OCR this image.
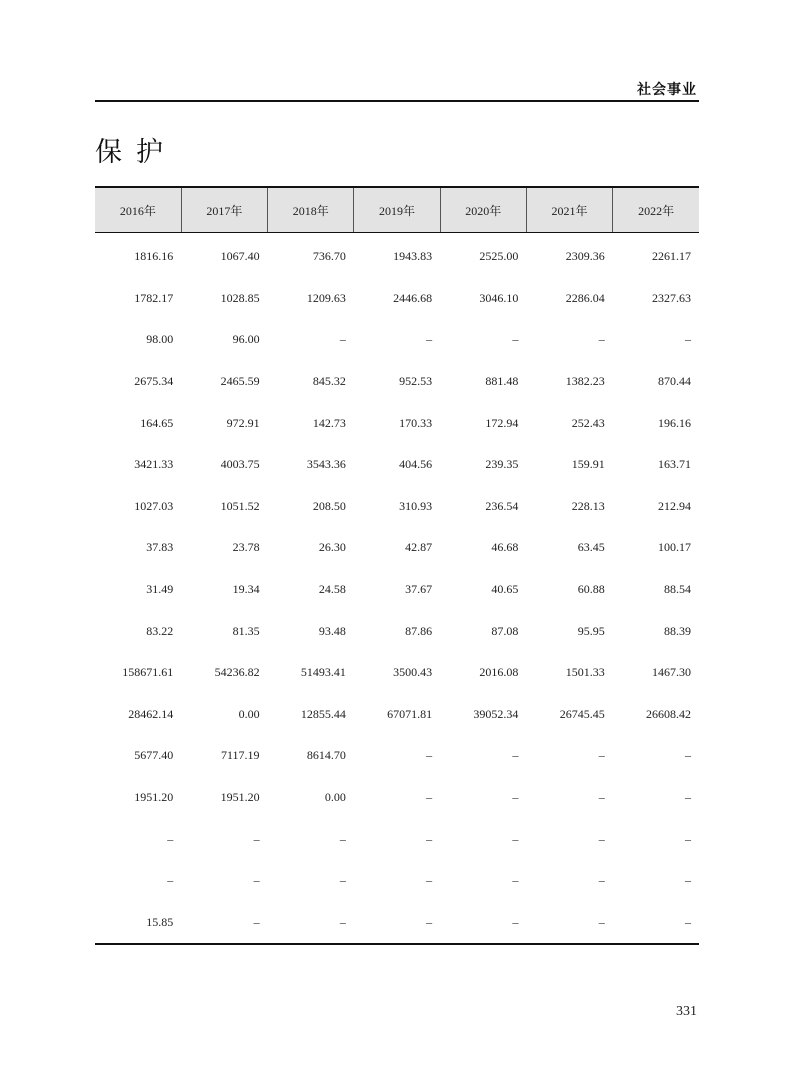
社会事业
保护
2016年	2017年	2018年	2019年	2020年	2021年	2022年
1816.16	1067.40	736.70	1943.83	2525.00	2309.36	2261.17
1782.17	1028.85	1209.63	2446.68	3046.10	2286.04	2327.63
98.00	96.00	–	–	–	–	–
2675.34	2465.59	845.32	952.53	881.48	1382.23	870.44
164.65	972.91	142.73	170.33	172.94	252.43	196.16
3421.33	4003.75	3543.36	404.56	239.35	159.91	163.71
1027.03	1051.52	208.50	310.93	236.54	228.13	212.94
37.83	23.78	26.30	42.87	46.68	63.45	100.17
31.49	19.34	24.58	37.67	40.65	60.88	88.54
83.22	81.35	93.48	87.86	87.08	95.95	88.39
158671.61	54236.82	51493.41	3500.43	2016.08	1501.33	1467.30
28462.14	0.00	12855.44	67071.81	39052.34	26745.45	26608.42
5677.40	7117.19	8614.70	–	–	–	–
1951.20	1951.20	0.00	–	–	–	–
–	–	–	–	–	–	–
–	–	–	–	–	–	–
15.85	–	–	–	–	–	–
331
